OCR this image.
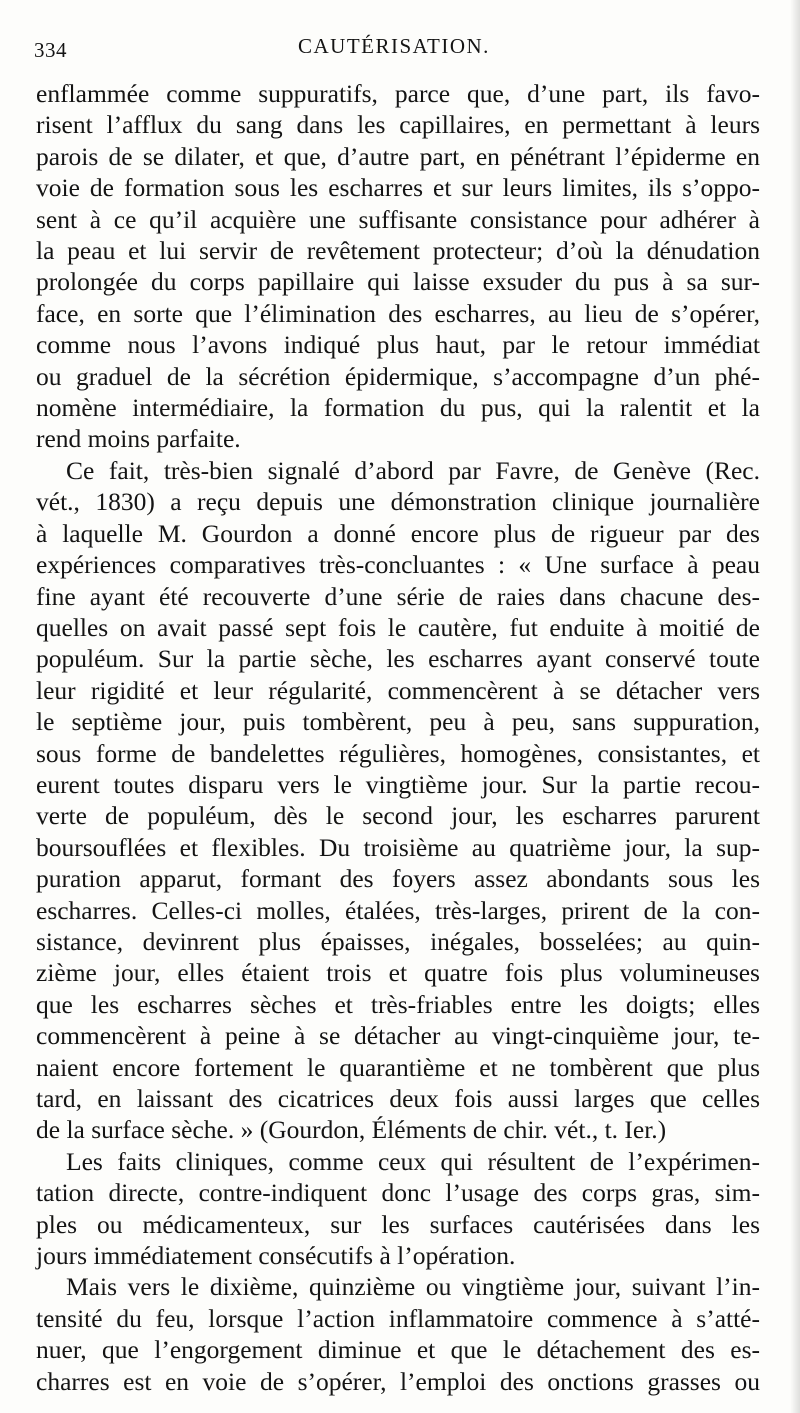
334	CAUTÉRISATION.

enflammée comme suppuratifs, parce que, d’une part, ils favo-
risent l’afflux du sang dans les capillaires, en permettant à leurs
parois de se dilater, et que, d’autre part, en pénétrant l’épiderme en
voie de formation sous les escharres et sur leurs limites, ils s’oppo-
sent à ce qu’il acquière une suffisante consistance pour adhérer à
la peau et lui servir de revêtement protecteur; d’où la dénudation
prolongée du corps papillaire qui laisse exsuder du pus à sa sur-
face, en sorte que l’élimination des escharres, au lieu de s’opérer,
comme nous l’avons indiqué plus haut, par le retour immédiat
ou graduel de la sécrétion épidermique, s’accompagne d’un phé-
nomène intermédiaire, la formation du pus, qui la ralentit et la
rend moins parfaite.

Ce fait, très-bien signalé d’abord par Favre, de Genève (Rec.
vét., 1830) a reçu depuis une démonstration clinique journalière
à laquelle M. Gourdon a donné encore plus de rigueur par des
expériences comparatives très-concluantes : « Une surface à peau
fine ayant été recouverte d’une série de raies dans chacune des-
quelles on avait passé sept fois le cautère, fut enduite à moitié de
populéum. Sur la partie sèche, les escharres ayant conservé toute
leur rigidité et leur régularité, commencèrent à se détacher vers
le septième jour, puis tombèrent, peu à peu, sans suppuration,
sous forme de bandelettes régulières, homogènes, consistantes, et
eurent toutes disparu vers le vingtième jour. Sur la partie recou-
verte de populéum, dès le second jour, les escharres parurent
boursouflées et flexibles. Du troisième au quatrième jour, la sup-
puration apparut, formant des foyers assez abondants sous les
escharres. Celles-ci molles, étalées, très-larges, prirent de la con-
sistance, devinrent plus épaisses, inégales, bosselées; au quin-
zième jour, elles étaient trois et quatre fois plus volumineuses
que les escharres sèches et très-friables entre les doigts; elles
commencèrent à peine à se détacher au vingt-cinquième jour, te-
naient encore fortement le quarantième et ne tombèrent que plus
tard, en laissant des cicatrices deux fois aussi larges que celles
de la surface sèche. » (Gourdon, Éléments de chir. vét., t. Ier.)

Les faits cliniques, comme ceux qui résultent de l’expérimen-
tation directe, contre-indiquent donc l’usage des corps gras, sim-
ples ou médicamenteux, sur les surfaces cautérisées dans les
jours immédiatement consécutifs à l’opération.

Mais vers le dixième, quinzième ou vingtième jour, suivant l’in-
tensité du feu, lorsque l’action inflammatoire commence à s’atté-
nuer, que l’engorgement diminue et que le détachement des es-
charres est en voie de s’opérer, l’emploi des onctions grasses ou
